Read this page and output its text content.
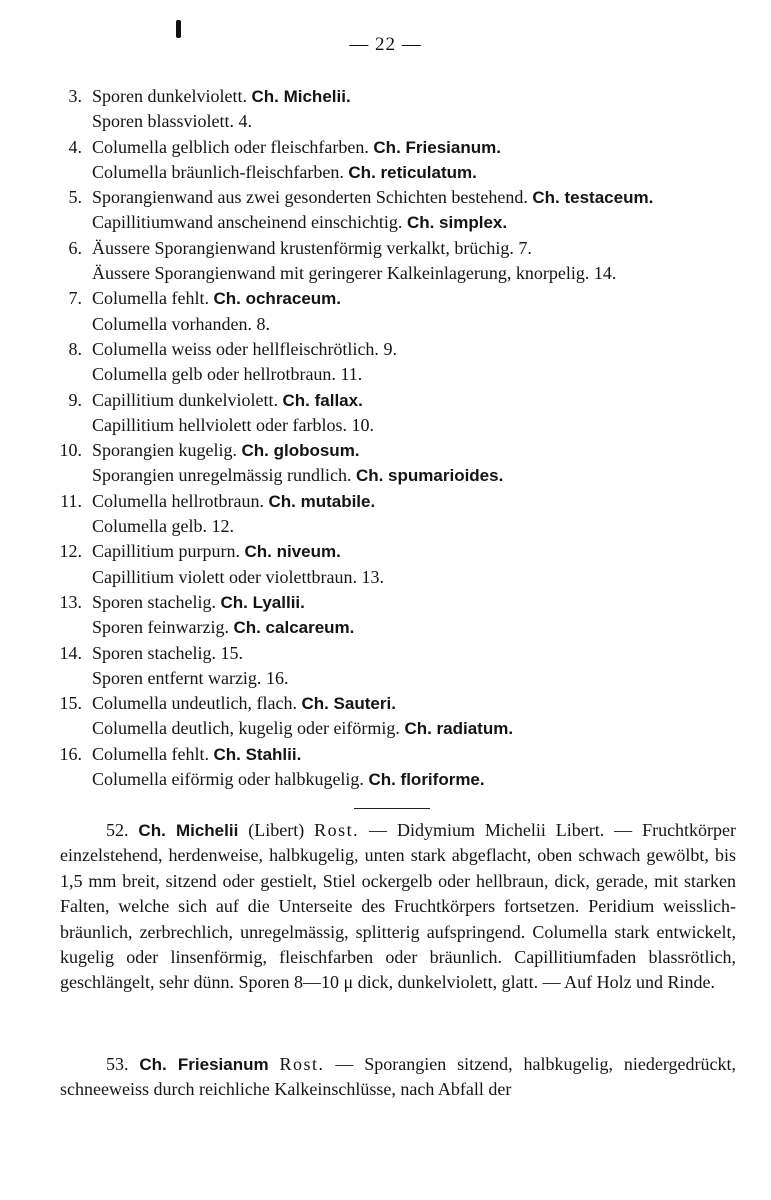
— 22 —
3. Sporen dunkelviolett. Ch. Michelii.
Sporen blassviolett. 4.
4. Columella gelblich oder fleischfarben. Ch. Friesianum.
Columella bräunlich-fleischfarben. Ch. reticulatum.
5. Sporangienwand aus zwei gesonderten Schichten bestehend. Ch. testaceum.
Capillitiumwand anscheinend einschichtig. Ch. simplex.
6. Äussere Sporangienwand krustenförmig verkalkt, brüchig. 7.
Äussere Sporangienwand mit geringerer Kalkeinlagerung, knorpelig. 14.
7. Columella fehlt. Ch. ochraceum.
Columella vorhanden. 8.
8. Columella weiss oder hellfleischrötlich. 9.
Columella gelb oder hellrotbraun. 11.
9. Capillitium dunkelviolett. Ch. fallax.
Capillitium hellviolett oder farblos. 10.
10. Sporangien kugelig. Ch. globosum.
Sporangien unregelmässig rundlich. Ch. spumarioides.
11. Columella hellrotbraun. Ch. mutabile.
Columella gelb. 12.
12. Capillitium purpurn. Ch. niveum.
Capillitium violett oder violettbraun. 13.
13. Sporen stachelig. Ch. Lyallii.
Sporen feinwarzig. Ch. calcareum.
14. Sporen stachelig. 15.
Sporen entfernt warzig. 16.
15. Columella undeutlich, flach. Ch. Sauteri.
Columella deutlich, kugelig oder eiförmig. Ch. radiatum.
16. Columella fehlt. Ch. Stahlii.
Columella eiförmig oder halbkugelig. Ch. floriforme.
52. Ch. Michelii (Libert) Rost. — Didymium Michelii Libert. — Fruchtkörper einzelstehend, herdenweise, halbkugelig, unten stark abgeflacht, oben schwach gewölbt, bis 1,5 mm breit, sitzend oder gestielt, Stiel ockergelb oder hellbraun, dick, gerade, mit starken Falten, welche sich auf die Unterseite des Fruchtkörpers fortsetzen. Peridium weisslich-bräunlich, zerbrechlich, unregelmässig, splitterig aufspringend. Columella stark entwickelt, kugelig oder linsenförmig, fleischfarben oder bräunlich. Capillitiumfaden blassrötlich, geschlängelt, sehr dünn. Sporen 8—10 μ dick, dunkelviolett, glatt. — Auf Holz und Rinde.
53. Ch. Friesianum Rost. — Sporangien sitzend, halbkugelig, niedergedrückt, schneeweiss durch reichliche Kalkeinschlüsse, nach Abfall der
